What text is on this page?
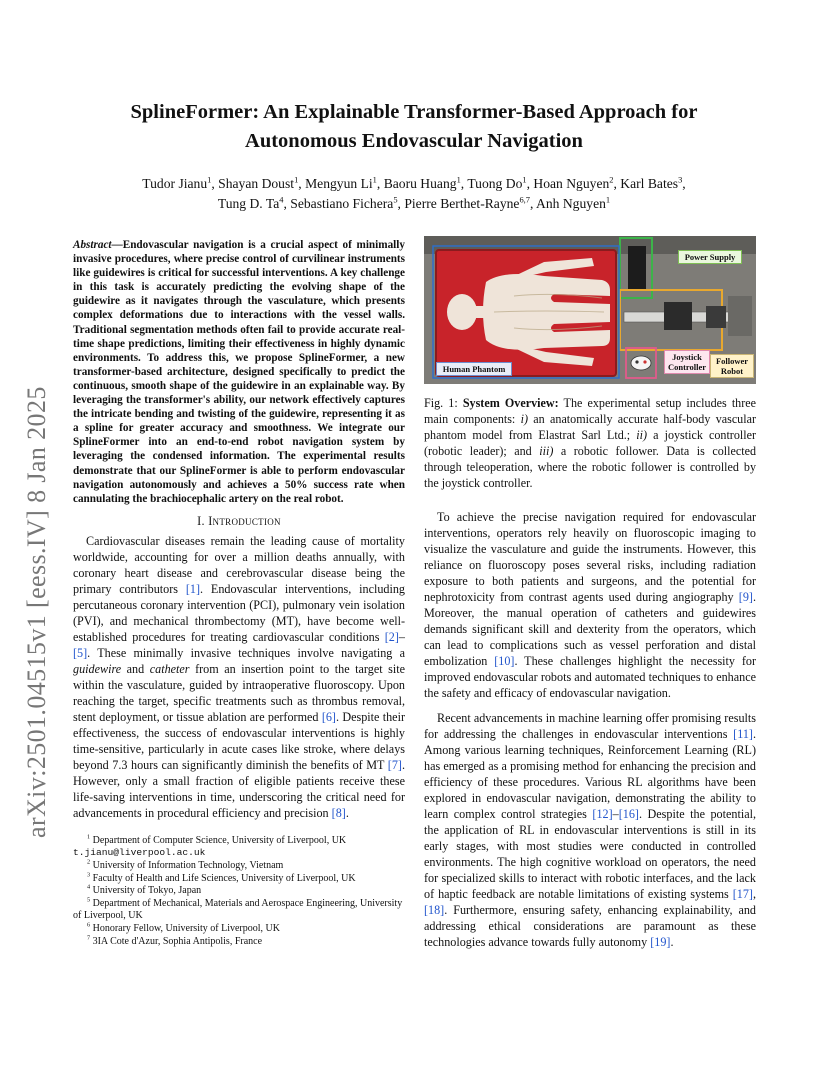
SplineFormer: An Explainable Transformer-Based Approach for
Autonomous Endovascular Navigation
Tudor Jianu$^1$, Shayan Doust$^1$, Mengyun Li$^1$, Baoru Huang$^1$, Tuong Do$^1$, Hoan Nguyen$^2$, Karl Bates$^3$,
Tung D. Ta$^4$, Sebastiano Fichera$^5$, Pierre Berthet-Rayne$^{6,7}$, Anh Nguyen$^1$
arXiv:2501.04515v1 [eess.IV] 8 Jan 2025
Abstract—Endovascular navigation is a crucial aspect of minimally invasive procedures, where precise control of curvilinear instruments like guidewires is critical for successful interventions. A key challenge in this task is accurately predicting the evolving shape of the guidewire as it navigates through the vasculature, which presents complex deformations due to interactions with the vessel walls. Traditional segmentation methods often fail to provide accurate real-time shape predictions, limiting their effectiveness in highly dynamic environments. To address this, we propose SplineFormer, a new transformer-based architecture, designed specifically to predict the continuous, smooth shape of the guidewire in an explainable way. By leveraging the transformer's ability, our network effectively captures the intricate bending and twisting of the guidewire, representing it as a spline for greater accuracy and smoothness. We integrate our SplineFormer into an end-to-end robot navigation system by leveraging the condensed information. The experimental results demonstrate that our SplineFormer is able to perform endovascular navigation autonomously and achieves a 50% success rate when cannulating the brachiocephalic artery on the real robot.
I. Introduction

Cardiovascular diseases remain the leading cause of mortality worldwide, accounting for over a million deaths annually, with coronary heart disease and cerebrovascular disease being the primary contributors [1]. Endovascular interventions, including percutaneous coronary intervention (PCI), pulmonary vein isolation (PVI), and mechanical thrombectomy (MT), have become well-established procedures for treating cardiovascular conditions [2]–[5]. These minimally invasive techniques involve navigating a guidewire and catheter from an insertion point to the target site within the vasculature, guided by intraoperative fluoroscopy. Upon reaching the target, specific treatments such as thrombus removal, stent deployment, or tissue ablation are performed [6]. Despite their effectiveness, the success of endovascular interventions is highly time-sensitive, particularly in acute cases like stroke, where delays beyond 7.3 hours can significantly diminish the benefits of MT [7]. However, only a small fraction of eligible patients receive these life-saving interventions in time, underscoring the critical need for advancements in procedural efficiency and precision [8].

$^1$ Department of Computer Science, University of Liverpool, UK
t.jianu@liverpool.ac.uk

$^2$ University of Information Technology, Vietnam

$^3$ Faculty of Health and Life Sciences, University of Liverpool, UK

$^4$ University of Tokyo, Japan

$^5$ Department of Mechanical, Materials and Aerospace Engineering, University of Liverpool, UK

$^6$ Honorary Fellow, University of Liverpool, UK

$^7$ 3IA Cote d'Azur, Sophia Antipolis, France

Human Phantom
Power Supply
Joystick Controller
Follower Robot

Fig. 1: System Overview: The experimental setup includes three main components: i) an anatomically accurate half-body vascular phantom model from Elastrat Sarl Ltd.; ii) a joystick controller (robotic leader); and iii) a robotic follower. Data is collected through teleoperation, where the robotic follower is controlled by the joystick controller.

To achieve the precise navigation required for endovascular interventions, operators rely heavily on fluoroscopic imaging to visualize the vasculature and guide the instruments. However, this reliance on fluoroscopy poses several risks, including radiation exposure to both patients and surgeons, and the potential for nephrotoxicity from contrast agents used during angiography [9]. Moreover, the manual operation of catheters and guidewires demands significant skill and dexterity from the operators, which can lead to complications such as vessel perforation and distal embolization [10]. These challenges highlight the necessity for improved endovascular robots and automated techniques to enhance the safety and efficacy of endovascular navigation.

Recent advancements in machine learning offer promising results for addressing the challenges in endovascular interventions [11]. Among various learning techniques, Reinforcement Learning (RL) has emerged as a promising method for enhancing the precision and efficiency of these procedures. Various RL algorithms have been explored in endovascular navigation, demonstrating the ability to learn complex control strategies [12]–[16]. Despite the potential, the application of RL in endovascular interventions is still in its early stages, with most studies were conducted in controlled environments. The high cognitive workload on operators, the need for specialized skills to interact with robotic interfaces, and the lack of haptic feedback are notable limitations of existing systems [17], [18]. Furthermore, ensuring safety, enhancing explainability, and addressing ethical considerations are paramount as these technologies advance towards fully autonomy [19].
